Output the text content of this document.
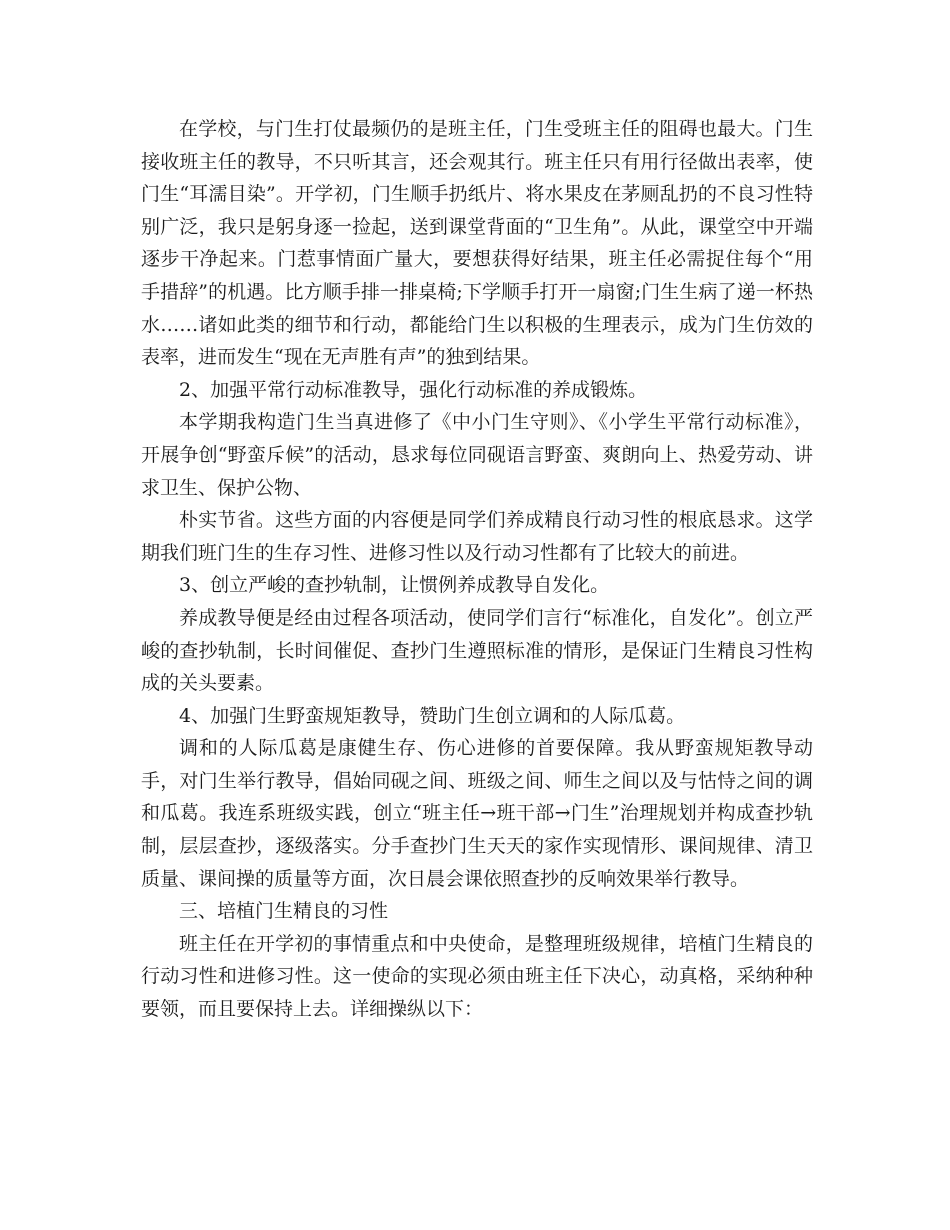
在学校，与门生打仗最频仍的是班主任，门生受班主任的阻碍也最大。门生接收班主任的教导，不只听其言，还会观其行。班主任只有用行径做出表率，使门生“耳濡目染”。开学初，门生顺手扔纸片、将水果皮在茅厕乱扔的不良习性特别广泛，我只是躬身逐一捡起，送到课堂背面的“卫生角”。从此，课堂空中开端逐步干净起来。门惹事情面广量大，要想获得好结果，班主任必需捉住每个“用手措辞”的机遇。比方顺手排一排桌椅;下学顺手打开一扇窗;门生生病了递一杯热水……诸如此类的细节和行动，都能给门生以积极的生理表示，成为门生仿效的表率，进而发生“现在无声胜有声”的独到结果。

2、加强平常行动标准教导，强化行动标准的养成锻炼。

本学期我构造门生当真进修了《中小门生守则》、《小学生平常行动标准》，开展争创“野蛮斥候”的活动，恳求每位同砚语言野蛮、爽朗向上、热爱劳动、讲求卫生、保护公物、

朴实节省。这些方面的内容便是同学们养成精良行动习性的根底恳求。这学期我们班门生的生存习性、进修习性以及行动习性都有了比较大的前进。

3、创立严峻的查抄轨制，让惯例养成教导自发化。

养成教导便是经由过程各项活动，使同学们言行“标准化，自发化”。创立严峻的查抄轨制，长时间催促、查抄门生遵照标准的情形，是保证门生精良习性构成的关头要素。

4、加强门生野蛮规矩教导，赞助门生创立调和的人际瓜葛。

调和的人际瓜葛是康健生存、伤心进修的首要保障。我从野蛮规矩教导动手，对门生举行教导，倡始同砚之间、班级之间、师生之间以及与怙恃之间的调和瓜葛。我连系班级实践，创立“班主任→班干部→门生”治理规划并构成查抄轨制，层层查抄，逐级落实。分手查抄门生天天的家作实现情形、课间规律、清卫质量、课间操的质量等方面，次日晨会课依照查抄的反响效果举行教导。

三、培植门生精良的习性

班主任在开学初的事情重点和中央使命，是整理班级规律，培植门生精良的行动习性和进修习性。这一使命的实现必须由班主任下决心，动真格，采纳种种要领，而且要保持上去。详细操纵以下：
